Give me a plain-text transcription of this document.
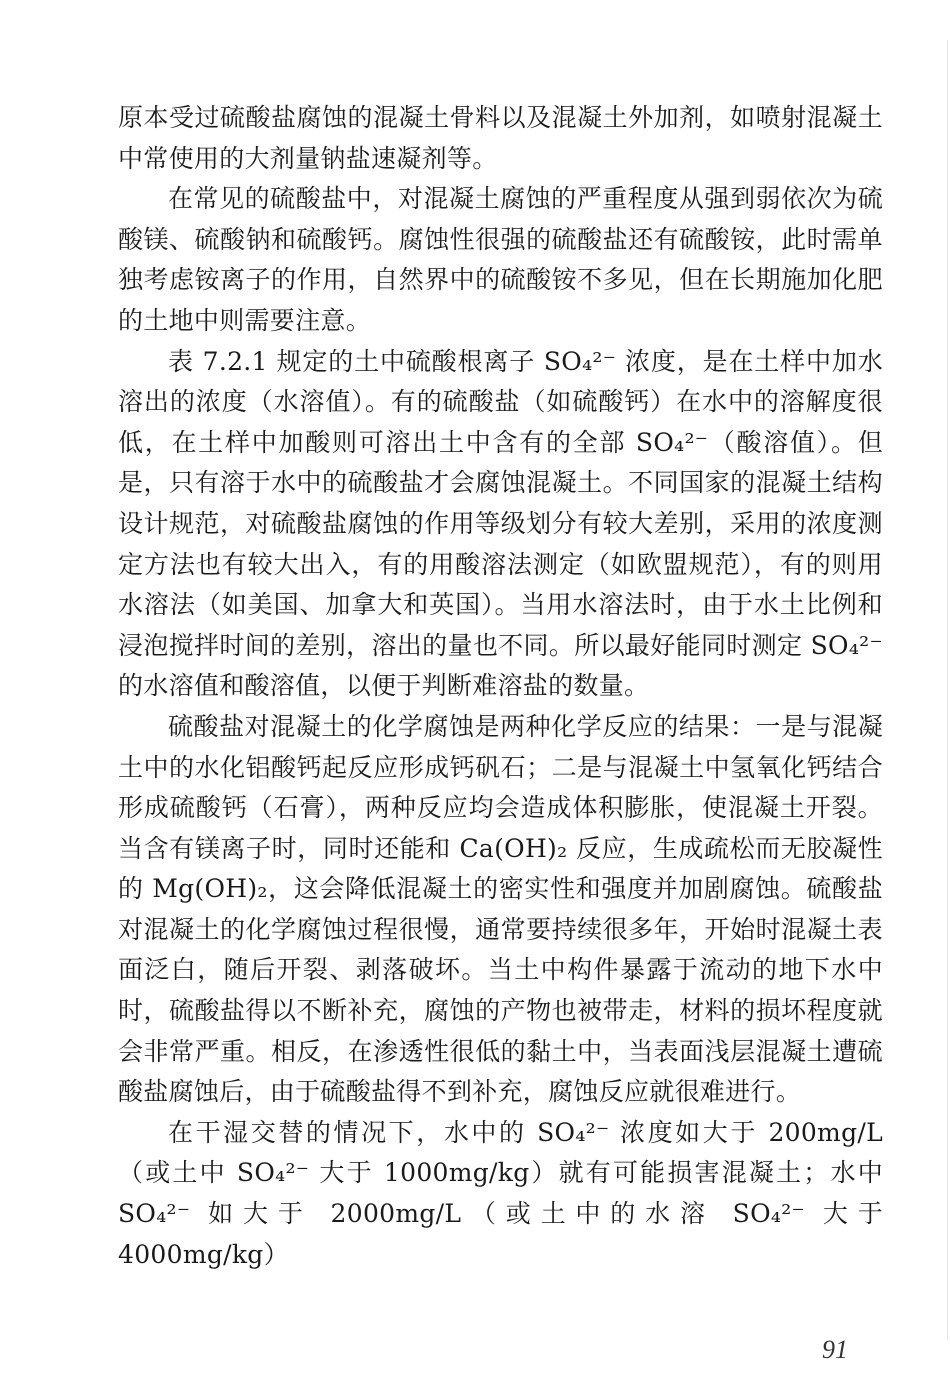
原本受过硫酸盐腐蚀的混凝土骨料以及混凝土外加剂，如喷射混凝土中常使用的大剂量钠盐速凝剂等。

在常见的硫酸盐中，对混凝土腐蚀的严重程度从强到弱依次为硫酸镁、硫酸钠和硫酸钙。腐蚀性很强的硫酸盐还有硫酸铵，此时需单独考虑铵离子的作用，自然界中的硫酸铵不多见，但在长期施加化肥的土地中则需要注意。

表 7.2.1 规定的土中硫酸根离子 SO₄²⁻ 浓度，是在土样中加水溶出的浓度（水溶值）。有的硫酸盐（如硫酸钙）在水中的溶解度很低，在土样中加酸则可溶出土中含有的全部 SO₄²⁻（酸溶值）。但是，只有溶于水中的硫酸盐才会腐蚀混凝土。不同国家的混凝土结构设计规范，对硫酸盐腐蚀的作用等级划分有较大差别，采用的浓度测定方法也有较大出入，有的用酸溶法测定（如欧盟规范），有的则用水溶法（如美国、加拿大和英国）。当用水溶法时，由于水土比例和浸泡搅拌时间的差别，溶出的量也不同。所以最好能同时测定 SO₄²⁻ 的水溶值和酸溶值，以便于判断难溶盐的数量。

硫酸盐对混凝土的化学腐蚀是两种化学反应的结果：一是与混凝土中的水化铝酸钙起反应形成钙矾石；二是与混凝土中氢氧化钙结合形成硫酸钙（石膏），两种反应均会造成体积膨胀，使混凝土开裂。当含有镁离子时，同时还能和 Ca(OH)₂ 反应，生成疏松而无胶凝性的 Mg(OH)₂，这会降低混凝土的密实性和强度并加剧腐蚀。硫酸盐对混凝土的化学腐蚀过程很慢，通常要持续很多年，开始时混凝土表面泛白，随后开裂、剥落破坏。当土中构件暴露于流动的地下水中时，硫酸盐得以不断补充，腐蚀的产物也被带走，材料的损坏程度就会非常严重。相反，在渗透性很低的黏土中，当表面浅层混凝土遭硫酸盐腐蚀后，由于硫酸盐得不到补充，腐蚀反应就很难进行。

在干湿交替的情况下，水中的 SO₄²⁻ 浓度如大于 200mg/L（或土中 SO₄²⁻ 大于 1000mg/kg）就有可能损害混凝土；水中 SO₄²⁻ 如大于 2000mg/L（或土中的水溶 SO₄²⁻ 大于 4000mg/kg）

91
